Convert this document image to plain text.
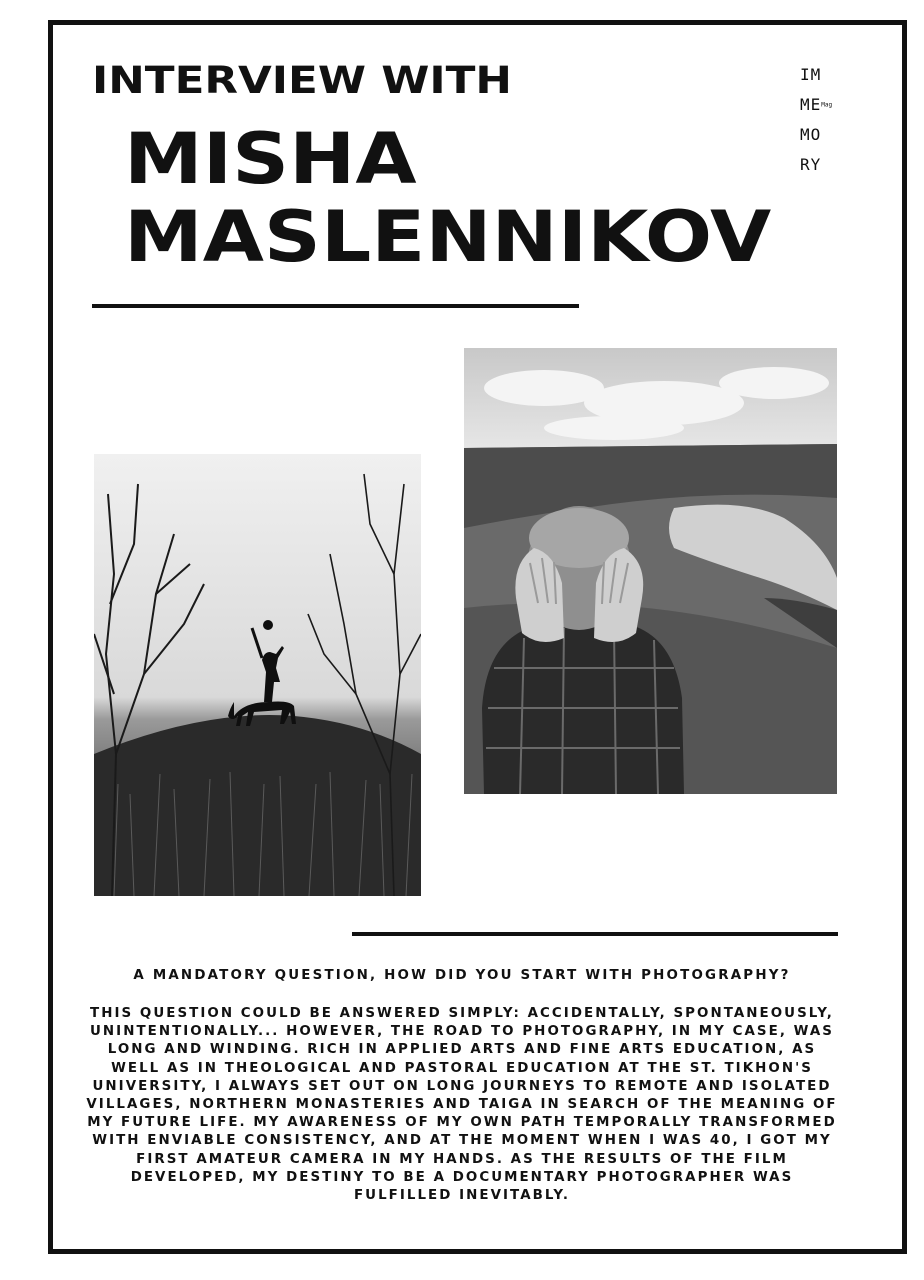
INTERVIEW WITH
MISHA
MASLENNIKOV
IM
MEMag
MO
RY
A MANDATORY QUESTION, HOW DID YOU START WITH PHOTOGRAPHY?
THIS QUESTION COULD BE ANSWERED SIMPLY: ACCIDENTALLY, SPONTANEOUSLY, UNINTENTIONALLY... HOWEVER, THE ROAD TO PHOTOGRAPHY, IN MY CASE, WAS LONG AND WINDING. RICH IN APPLIED ARTS AND FINE ARTS EDUCATION, AS WELL AS IN THEOLOGICAL AND PASTORAL EDUCATION AT THE ST. TIKHON'S UNIVERSITY, I ALWAYS SET OUT ON LONG JOURNEYS TO REMOTE AND ISOLATED VILLAGES, NORTHERN MONASTERIES AND TAIGA IN SEARCH OF THE MEANING OF MY FUTURE LIFE. MY AWARENESS OF MY OWN PATH TEMPORALLY TRANSFORMED WITH ENVIABLE CONSISTENCY, AND AT THE MOMENT WHEN I WAS 40, I GOT MY FIRST AMATEUR CAMERA IN MY HANDS. AS THE RESULTS OF THE FILM DEVELOPED, MY DESTINY TO BE A DOCUMENTARY PHOTOGRAPHER WAS FULFILLED INEVITABLY.
